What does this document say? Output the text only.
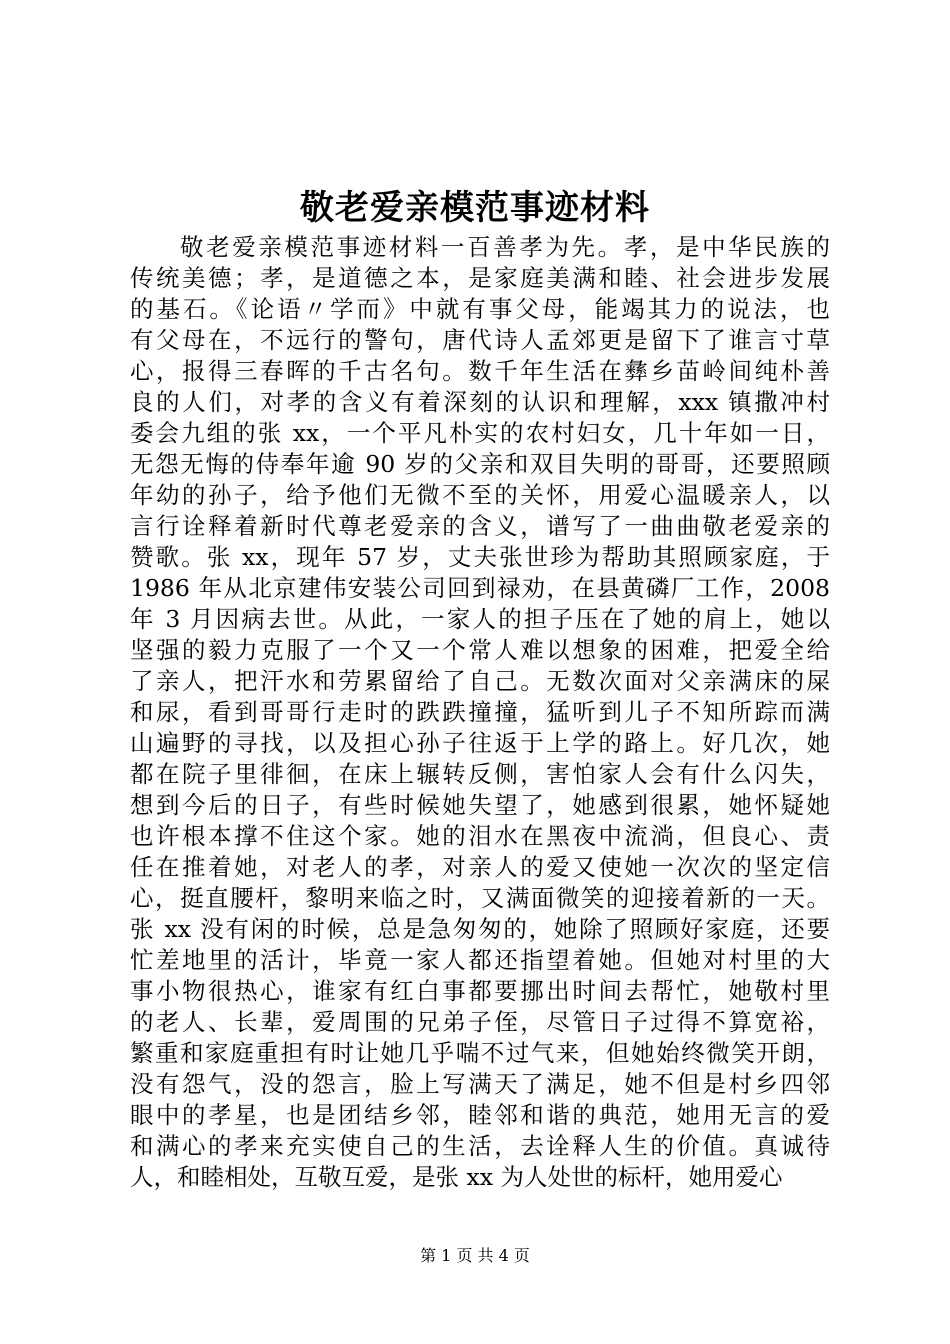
敬老爱亲模范事迹材料
敬老爱亲模范事迹材料一百善孝为先。孝，是中华民族的
传统美德；孝，是道德之本，是家庭美满和睦、社会进步发展
的基石。《论语〃学而》中就有事父母，能竭其力的说法，也
有父母在，不远行的警句，唐代诗人孟郊更是留下了谁言寸草
心，报得三春晖的千古名句。数千年生活在彝乡苗岭间纯朴善
良的人们，对孝的含义有着深刻的认识和理解，xxx 镇撒冲村
委会九组的张 xx，一个平凡朴实的农村妇女，几十年如一日，
无怨无悔的侍奉年逾 90 岁的父亲和双目失明的哥哥，还要照顾
年幼的孙子，给予他们无微不至的关怀，用爱心温暖亲人，以
言行诠释着新时代尊老爱亲的含义，谱写了一曲曲敬老爱亲的
赞歌。张 xx，现年 57 岁，丈夫张世珍为帮助其照顾家庭，于
1986 年从北京建伟安装公司回到禄劝，在县黄磷厂工作，2008
年 3 月因病去世。从此，一家人的担子压在了她的肩上，她以
坚强的毅力克服了一个又一个常人难以想象的困难，把爱全给
了亲人，把汗水和劳累留给了自己。无数次面对父亲满床的屎
和尿，看到哥哥行走时的跌跌撞撞，猛听到儿子不知所踪而满
山遍野的寻找，以及担心孙子往返于上学的路上。好几次，她
都在院子里徘徊，在床上辗转反侧，害怕家人会有什么闪失，
想到今后的日子，有些时候她失望了，她感到很累，她怀疑她
也许根本撑不住这个家。她的泪水在黑夜中流淌，但良心、责
任在推着她，对老人的孝，对亲人的爱又使她一次次的坚定信
心，挺直腰杆，黎明来临之时，又满面微笑的迎接着新的一天。
张 xx 没有闲的时候，总是急匆匆的，她除了照顾好家庭，还要
忙差地里的活计，毕竟一家人都还指望着她。但她对村里的大
事小物很热心，谁家有红白事都要挪出时间去帮忙，她敬村里
的老人、长辈，爱周围的兄弟子侄，尽管日子过得不算宽裕，
繁重和家庭重担有时让她几乎喘不过气来，但她始终微笑开朗，
没有怨气，没的怨言，脸上写满天了满足，她不但是村乡四邻
眼中的孝星，也是团结乡邻，睦邻和谐的典范，她用无言的爱
和满心的孝来充实使自己的生活，去诠释人生的价值。真诚待
人，和睦相处，互敬互爱，是张 xx 为人处世的标杆，她用爱心
第 1 页 共 4 页
